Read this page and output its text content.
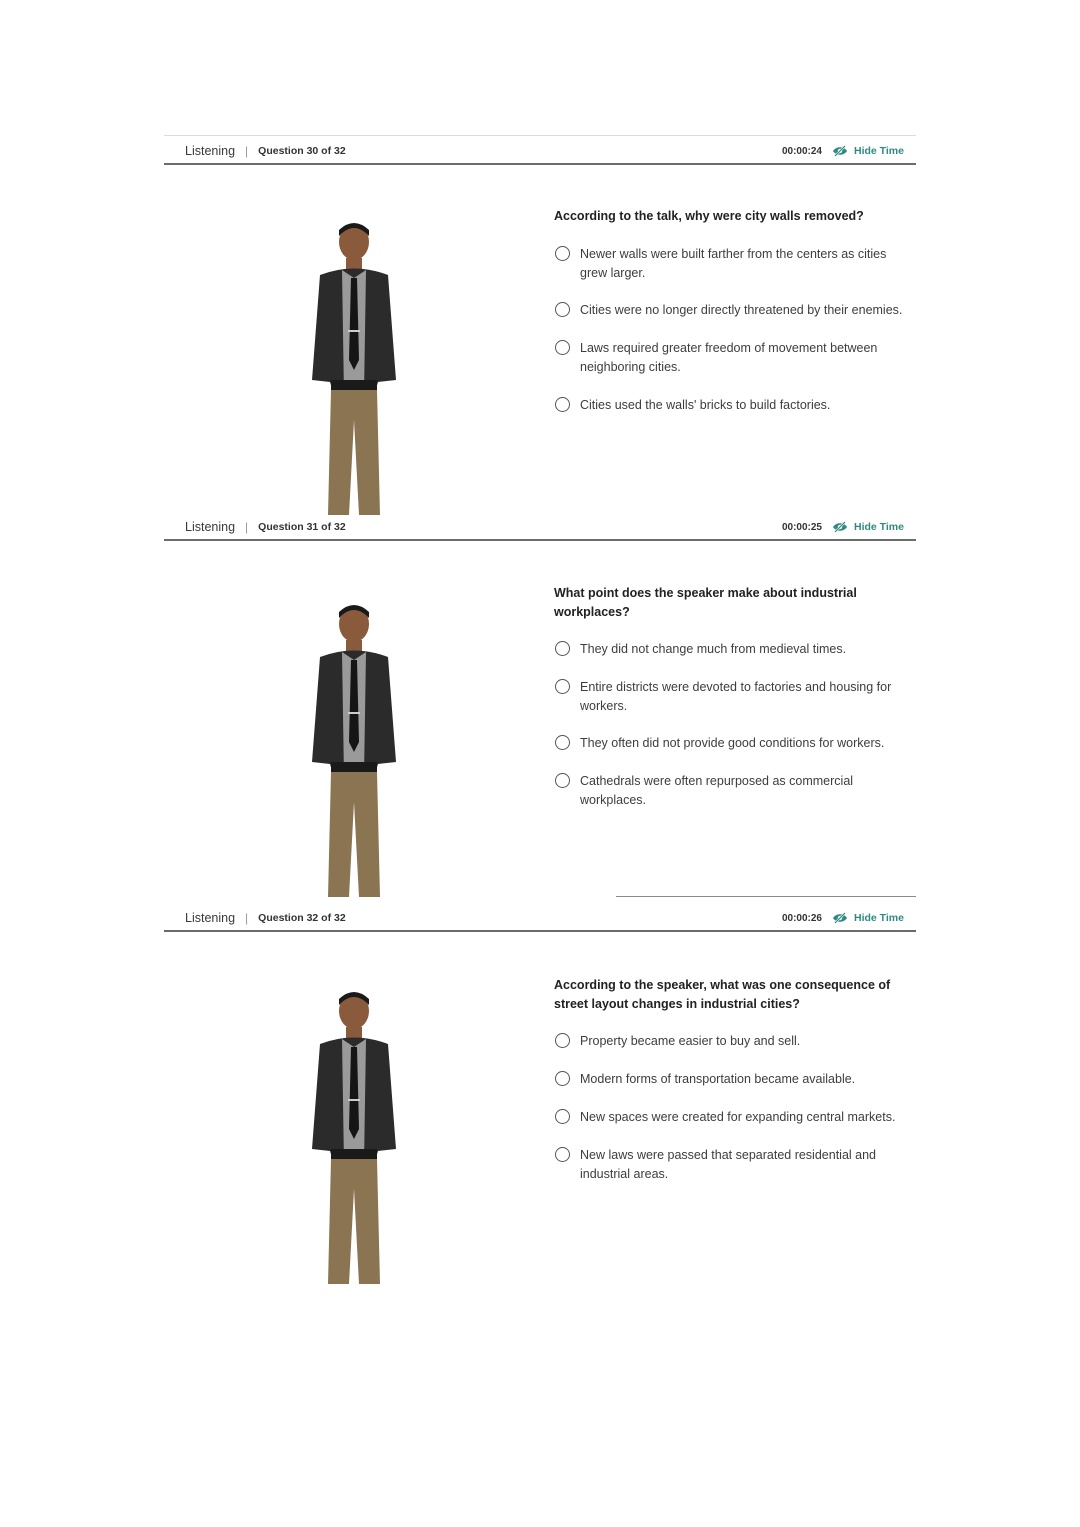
Listening | Question 30 of 32	00:00:24	Hide Time
According to the talk, why were city walls removed?
Newer walls were built farther from the centers as cities grew larger.
Cities were no longer directly threatened by their enemies.
Laws required greater freedom of movement between neighboring cities.
Cities used the walls' bricks to build factories.
Listening | Question 31 of 32	00:00:25	Hide Time
What point does the speaker make about industrial workplaces?
They did not change much from medieval times.
Entire districts were devoted to factories and housing for workers.
They often did not provide good conditions for workers.
Cathedrals were often repurposed as commercial workplaces.
Listening | Question 32 of 32	00:00:26	Hide Time
According to the speaker, what was one consequence of street layout changes in industrial cities?
Property became easier to buy and sell.
Modern forms of transportation became available.
New spaces were created for expanding central markets.
New laws were passed that separated residential and industrial areas.
